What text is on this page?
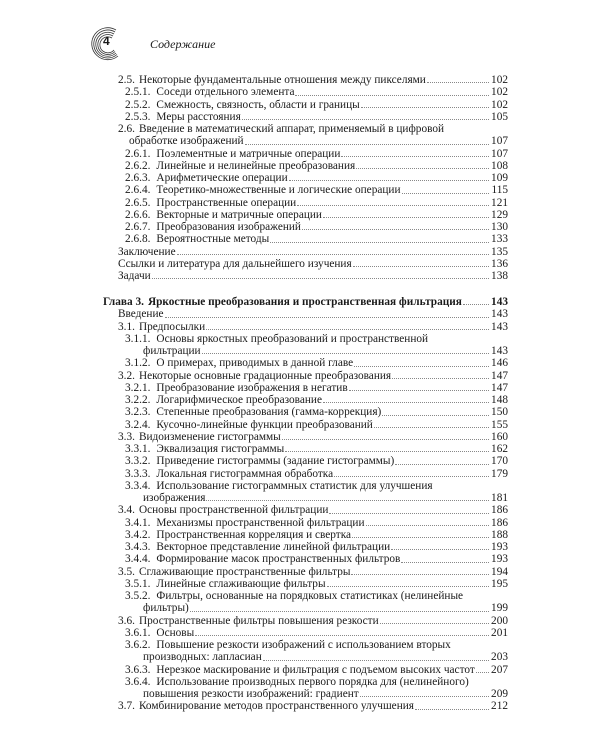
4	Содержание
2.5. Некоторые фундаментальные отношения между пикселями	102
2.5.1. Соседи отдельного элемента	102
2.5.2. Смежность, связность, области и границы	102
2.5.3. Меры расстояния	105
2.6. Введение в математический аппарат, применяемый в цифровой
обработке изображений	107
2.6.1. Поэлементные и матричные операции	107
2.6.2. Линейные и нелинейные преобразования	108
2.6.3. Арифметические операции	109
2.6.4. Теоретико-множественные и логические операции	115
2.6.5. Пространственные операции	121
2.6.6. Векторные и матричные операции	129
2.6.7. Преобразования изображений	130
2.6.8. Вероятностные методы	133
Заключение	135
Ссылки и литература для дальнейшего изучения	136
Задачи	138
Глава 3. Яркостные преобразования и пространственная фильтрация	143
Введение	143
3.1. Предпосылки	143
3.1.1. Основы яркостных преобразований и пространственной
фильтрации	143
3.1.2. О примерах, приводимых в данной главе	146
3.2. Некоторые основные градационные преобразования	147
3.2.1. Преобразование изображения в негатив	147
3.2.2. Логарифмическое преобразование	148
3.2.3. Степенные преобразования (гамма-коррекция)	150
3.2.4. Кусочно-линейные функции преобразований	155
3.3. Видоизменение гистограммы	160
3.3.1. Эквализация гистограммы	162
3.3.2. Приведение гистограммы (задание гистограммы)	170
3.3.3. Локальная гистограммная обработка	179
3.3.4. Использование гистограммных статистик для улучшения
изображения	181
3.4. Основы пространственной фильтрации	186
3.4.1. Механизмы пространственной фильтрации	186
3.4.2. Пространственная корреляция и свертка	188
3.4.3. Векторное представление линейной фильтрации	193
3.4.4. Формирование масок пространственных фильтров	193
3.5. Сглаживающие пространственные фильтры	194
3.5.1. Линейные сглаживающие фильтры	195
3.5.2. Фильтры, основанные на порядковых статистиках (нелинейные
фильтры)	199
3.6. Пространственные фильтры повышения резкости	200
3.6.1. Основы	201
3.6.2. Повышение резкости изображений с использованием вторых
производных: лапласиан	203
3.6.3. Нерезкое маскирование и фильтрация с подъемом высоких частот 207
3.6.4. Использование производных первого порядка для (нелинейного)
повышения резкости изображений: градиент	209
3.7. Комбинирование методов пространственного улучшения	212
